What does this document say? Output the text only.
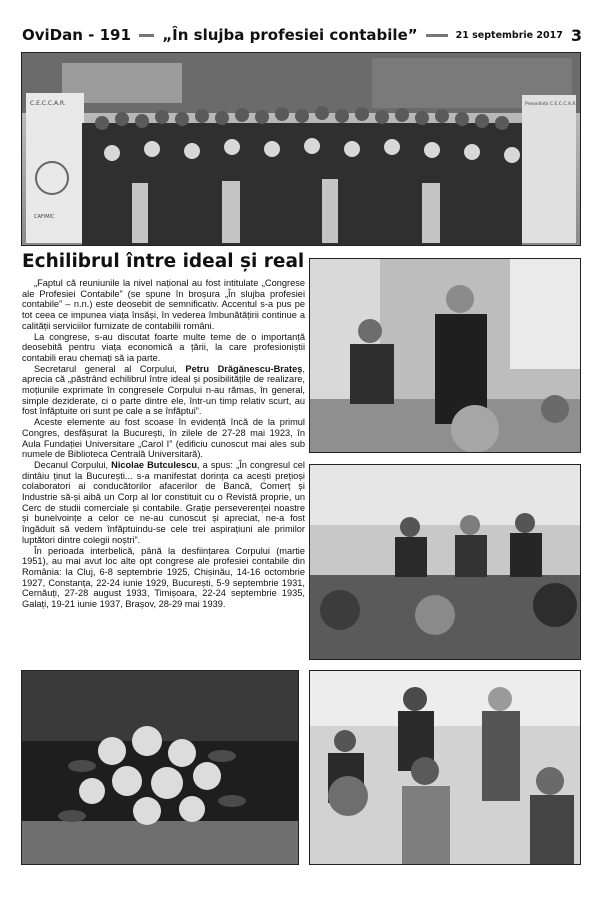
OviDan - 191 „În slujba profesiei contabile”	21 septembrie 2017 3
C.E.C.C.A.R.
CAFIMIC
Președinții C.E.C.C.A.R.
Echilibrul între ideal și real

„Faptul că reuniunile la nivel național au fost intitulate „Congrese ale Profesiei Contabile” (se spune în broșura „În slujba profesiei contabile” – n.n.) este deosebit de semnificativ. Accentul s-a pus pe tot ceea ce impunea viața însăși, în vederea îmbunătățirii continue a calității serviciilor furnizate de contabilii români.

La congrese, s-au discutat foarte multe teme de o importanță deosebită pentru viața economică a țării, la care profesioniștii contabili erau chemați să ia parte.

Secretarul general al Corpului, Petru Drăgănescu-Brateș, aprecia că „păstrând echilibrul între ideal și posibilitățile de realizare, moțiunile exprimate în congresele Corpului n-au rămas, în general, simple deziderate, ci o parte dintre ele, într-un timp relativ scurt, au fost înfăptuite ori sunt pe cale a se înfăptui”.

Aceste elemente au fost scoase în evidență încă de la primul Congres, desfășurat la București, în zilele de 27-28 mai 1923, în Aula Fundației Universitare „Carol I” (edificiu cunoscut mai ales sub numele de Biblioteca Centrală Universitară).

Decanul Corpului, Nicolae Butculescu, a spus: „În congresul cel dintâiu ținut la București... s-a manifestat dorința ca acești prețioși colaboratori ai conducătorilor afacerilor de Bancă, Comerț și Industrie să-și aibă un Corp al lor constituit cu o Revistă proprie, un Cerc de studii comerciale și contabile. Grație perseverenței noastre și bunelvoințe a celor ce ne-au cunoscut și apreciat, ne-a fost îngăduit să vedem înfăptuindu-se cele trei aspirațiuni ale primilor luptători dintre colegii noștri”.

În perioada interbelică, până la desființarea Corpului (martie 1951), au mai avut loc alte opt congrese ale profesiei contabile din România: la Cluj, 6-8 septembrie 1925, Chișinău, 14-16 octombrie 1927, Constanța, 22-24 iunie 1929, București, 5-9 septembrie 1931, Cernăuți, 27-28 august 1933, Timișoara, 22-24 septembrie 1935, Galați, 19-21 iunie 1937, Brașov, 28-29 mai 1939.
